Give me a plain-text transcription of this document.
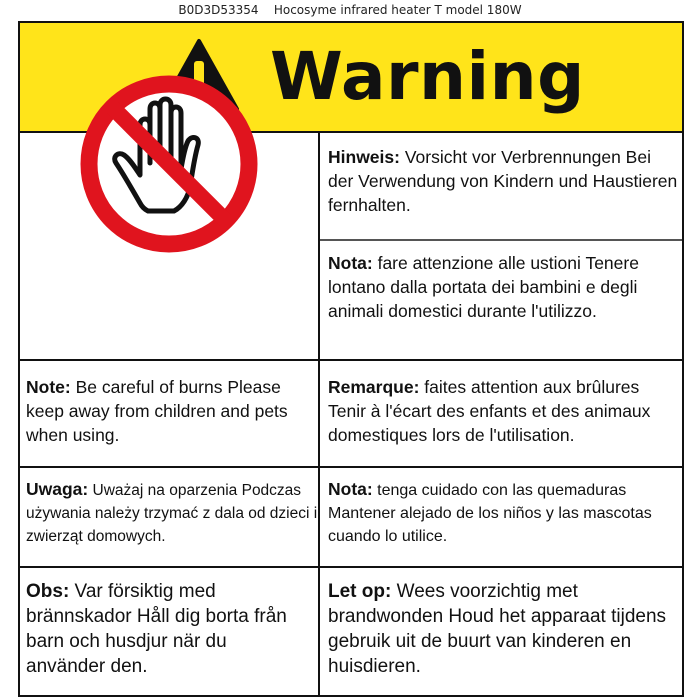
B0D3D53354 Hocosyme infrared heater T model 180W
Warning
Hinweis: Vorsicht vor Verbrennungen Bei der Verwendung von Kindern und Haustieren fernhalten.
Nota: fare attenzione alle ustioni Tenere lontano dalla portata dei bambini e degli animali domestici durante l'utilizzo.
Note: Be careful of burns Please keep away from children and pets when using.
Remarque: faites attention aux brûlures Tenir à l'écart des enfants et des animaux domestiques lors de l'utilisation.
Uwaga: Uważaj na oparzenia Podczas używania należy trzymać z dala od dzieci i zwierząt domowych.
Nota: tenga cuidado con las quemaduras Mantener alejado de los niños y las mascotas cuando lo utilice.
Obs: Var försiktig med brännskador Håll dig borta från barn och husdjur när du använder den.
Let op: Wees voorzichtig met brandwonden Houd het apparaat tijdens gebruik uit de buurt van kinderen en huisdieren.
